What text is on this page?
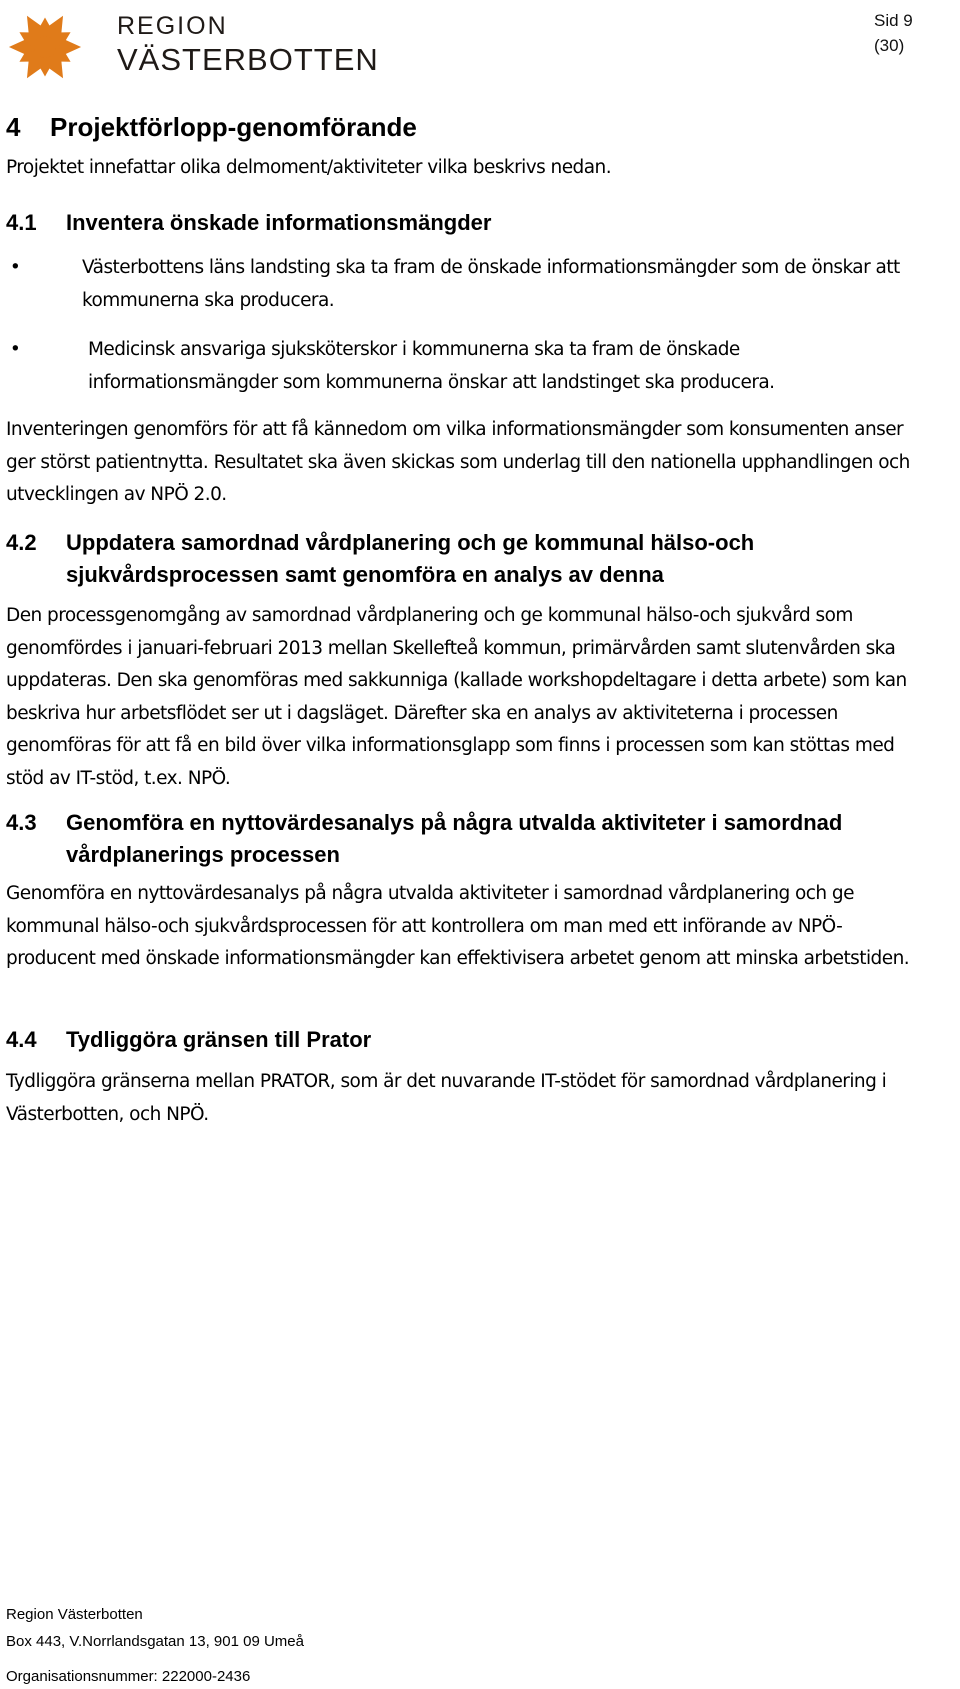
REGION
VÄSTERBOTTEN
Sid 9
(30)
4 Projektförlopp-genomförande

Projektet innefattar olika delmoment/aktiviteter vilka beskrivs nedan.

4.1	Inventera önskade informationsmängder
•	Västerbottens läns landsting ska ta fram de önskade informationsmängder som de önskar att kommunerna ska producera.
•	Medicinsk ansvariga sjuksköterskor i kommunerna ska ta fram de önskade informationsmängder som kommunerna önskar att landstinget ska producera.

Inventeringen genomförs för att få kännedom om vilka informationsmängder som konsumenten anser ger störst patientnytta. Resultatet ska även skickas som underlag till den nationella upphandlingen och utvecklingen av NPÖ 2.0.

4.2	Uppdatera samordnad vårdplanering och ge kommunal hälso-och sjukvårdsprocessen samt genomföra en analys av denna

Den processgenomgång av samordnad vårdplanering och ge kommunal hälso-och sjukvård som genomfördes i januari-februari 2013 mellan Skellefteå kommun, primärvården samt slutenvården ska uppdateras. Den ska genomföras med sakkunniga (kallade workshopdeltagare i detta arbete) som kan beskriva hur arbetsflödet ser ut i dagsläget. Därefter ska en analys av aktiviteterna i processen genomföras för att få en bild över vilka informationsglapp som finns i processen som kan stöttas med stöd av IT-stöd, t.ex. NPÖ.

4.3	Genomföra en nyttovärdesanalys på några utvalda aktiviteter i samordnad vårdplanerings processen

Genomföra en nyttovärdesanalys på några utvalda aktiviteter i samordnad vårdplanering och ge kommunal hälso-och sjukvårdsprocessen för att kontrollera om man med ett införande av NPÖ-producent med önskade informationsmängder kan effektivisera arbetet genom att minska arbetstiden.

4.4	Tydliggöra gränsen till Prator

Tydliggöra gränserna mellan PRATOR, som är det nuvarande IT-stödet för samordnad vårdplanering i Västerbotten, och NPÖ.

Region Västerbotten

Box 443, V.Norrlandsgatan 13, 901 09 Umeå

Organisationsnummer: 222000-2436
